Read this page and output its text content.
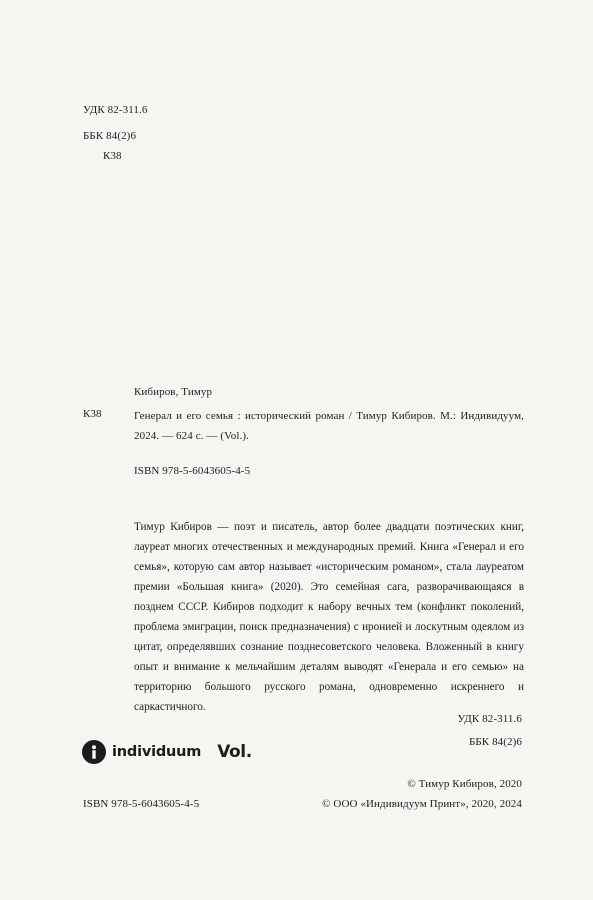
УДК 82-311.6
ББК 84(2)6
К38
Кибиров, Тимур
К38	Генерал и его семья : исторический роман / Тимур Кибиров. М.: Индивидуум, 2024. — 624 с. — (Vol.).
ISBN 978-5-6043605-4-5
Тимур Кибиров — поэт и писатель, автор более двадцати поэтических книг, лауреат многих отечественных и международных премий. Книга «Генерал и его семья», которую сам автор называет «историческим романом», стала лауреатом премии «Большая книга» (2020). Это семейная сага, разворачивающаяся в позднем СССР. Кибиров подходит к набору вечных тем (конфликт поколений, проблема эмиграции, поиск предназначения) с иронией и лоскутным одеялом из цитат, определявших сознание позднесоветского человека. Вложенный в книгу опыт и внимание к мельчайшим деталям выводят «Генерала и его семью» на территорию большого русского романа, одновременно искреннего и саркастичного.
УДК 82-311.6
ББК 84(2)6
individuum Vol.
© Тимур Кибиров, 2020
© ООО «Индивидуум Принт», 2020, 2024
ISBN 978-5-6043605-4-5
